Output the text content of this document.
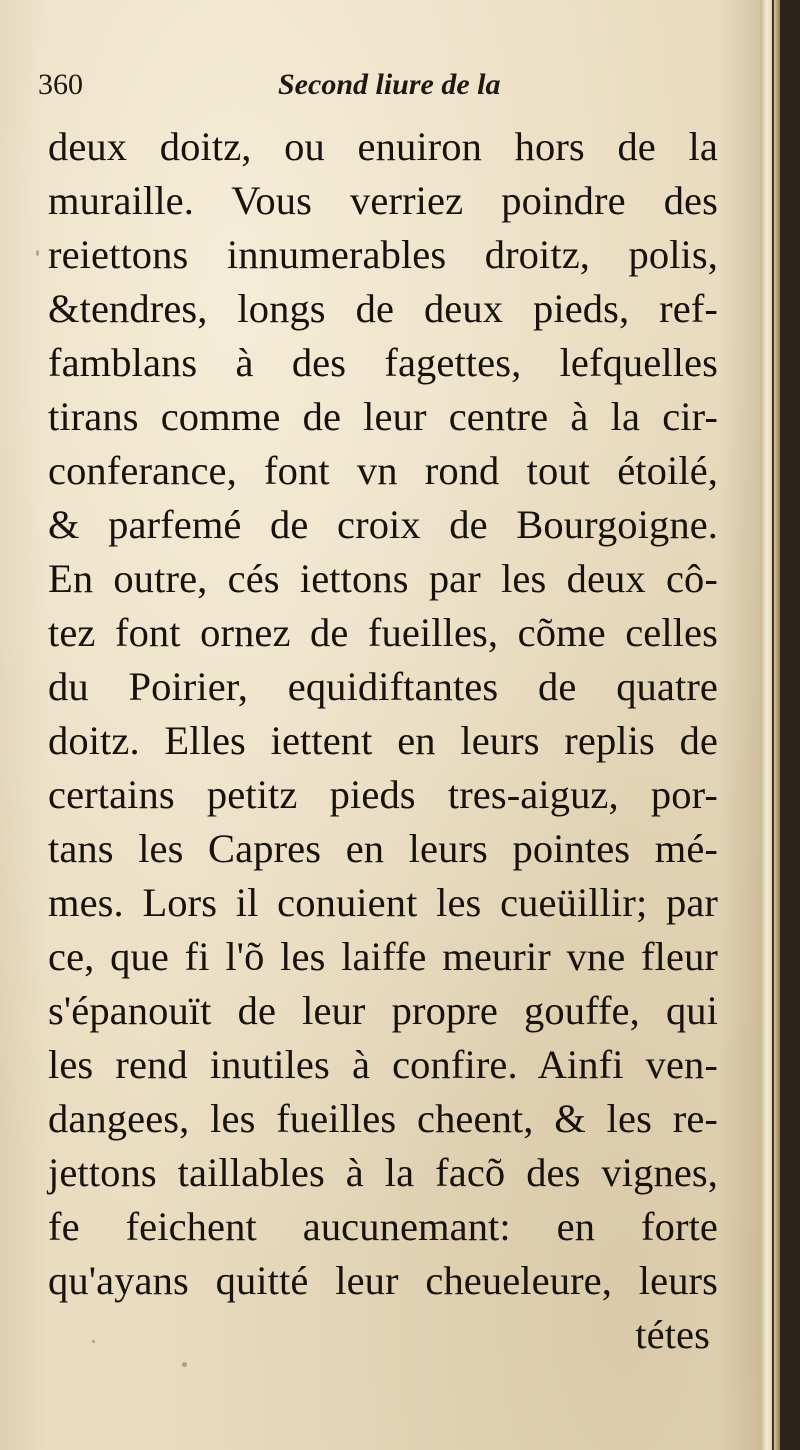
360	Second liure de la
deux doitz, ou enuiron hors de la
muraille. Vous verriez poindre des
reiettons innumerables droitz, polis,
&tendres, longs de deux pieds, ref-
famblans à des fagettes, lefquelles
tirans comme de leur centre à la cir-
conferance, font vn rond tout étoilé,
& parfemé de croix de Bourgoigne.
En outre, cés iettons par les deux cô-
tez font ornez de fueilles, cõme celles
du Poirier, equidiftantes de quatre
doitz. Elles iettent en leurs replis de
certains petitz pieds tres-aiguz, por-
tans les Capres en leurs pointes mé-
mes. Lors il conuient les cueüillir; par
ce, que fi l'õ les laiffe meurir vne fleur
s'épanouït de leur propre gouffe, qui
les rend inutiles à confire. Ainfi ven-
dangees, les fueilles cheent, & les re-
jettons taillables à la facõ des vignes,
fe feichent aucunemant: en forte
qu'ayans quitté leur cheueleure, leurs
tétes
